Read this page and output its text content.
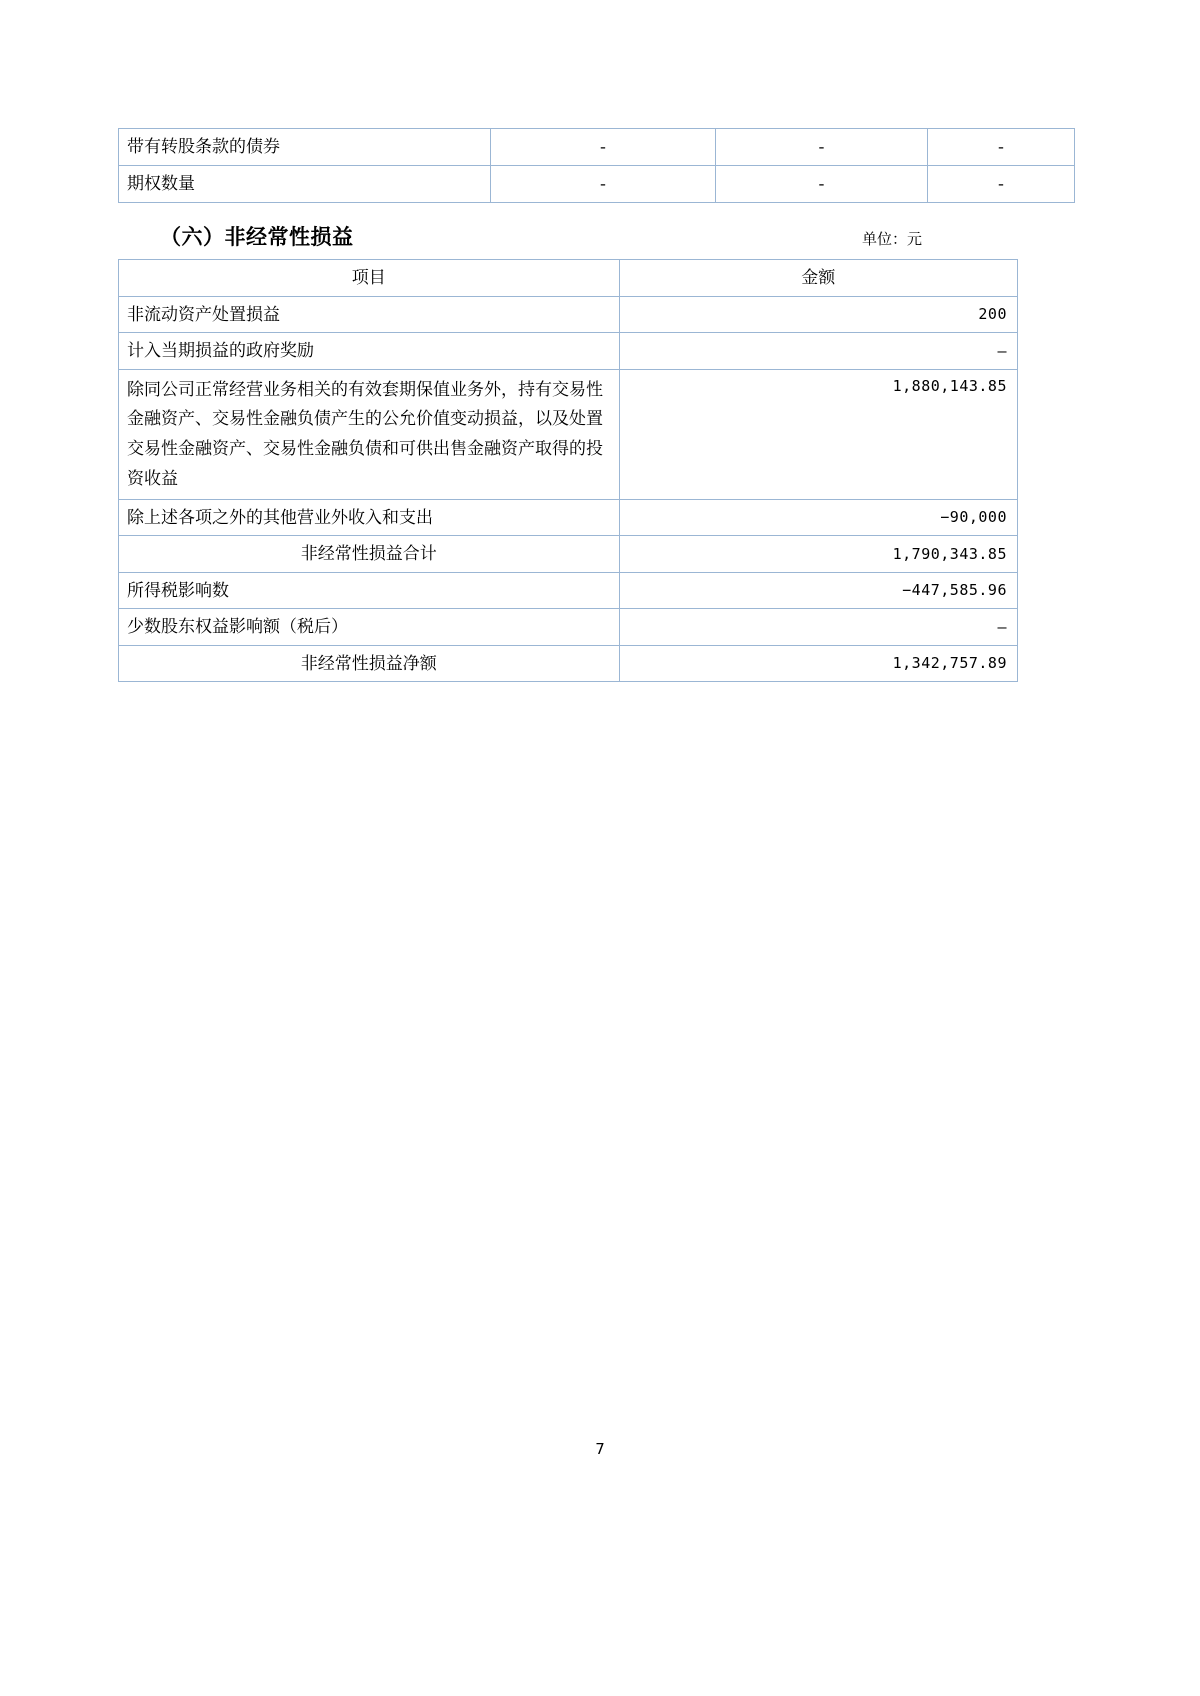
带有转股条款的债券	-	-	-
期权数量	-	-	-
（六）非经常性损益	单位：元
项目	金额
非流动资产处置损益	200
计入当期损益的政府奖励	–
除同公司正常经营业务相关的有效套期保值业务外，持有交易性金融资产、交易性金融负债产生的公允价值变动损益，以及处置交易性金融资产、交易性金融负债和可供出售金融资产取得的投资收益	1,880,143.85
除上述各项之外的其他营业外收入和支出	−90,000
非经常性损益合计	1,790,343.85
所得税影响数	−447,585.96
少数股东权益影响额（税后）	–
非经常性损益净额	1,342,757.89
7
